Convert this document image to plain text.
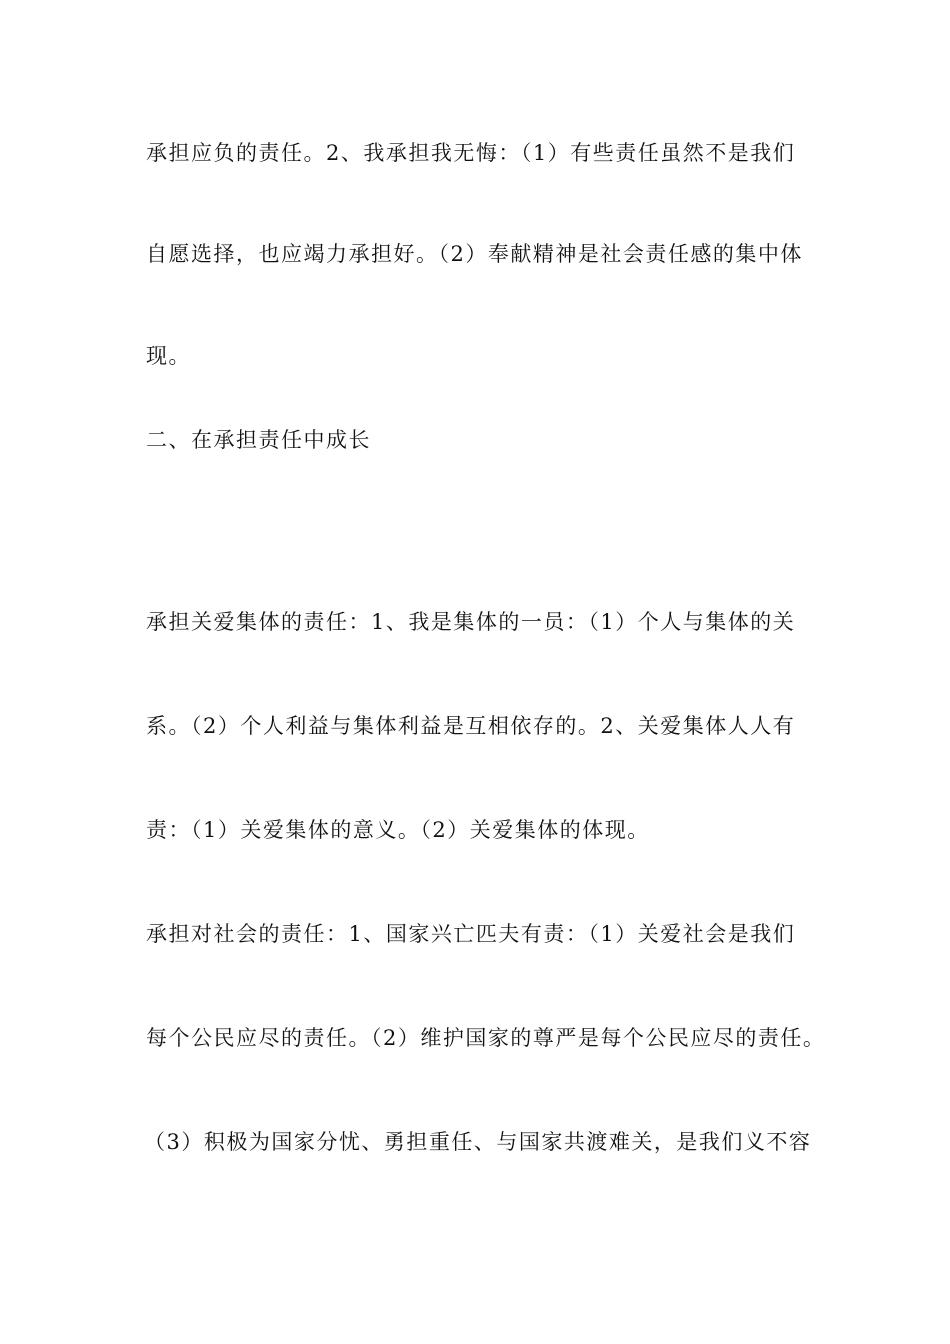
承担应负的责任。2、我承担我无悔：（1）有些责任虽然不是我们
自愿选择，也应竭力承担好。（2）奉献精神是社会责任感的集中体
现。
二、在承担责任中成长
承担关爱集体的责任：1、我是集体的一员：（1）个人与集体的关
系。（2）个人利益与集体利益是互相依存的。2、关爱集体人人有
责：（1）关爱集体的意义。（2）关爱集体的体现。
承担对社会的责任：1、国家兴亡匹夫有责：（1）关爱社会是我们
每个公民应尽的责任。（2）维护国家的尊严是每个公民应尽的责任。
（3）积极为国家分忧、勇担重任、与国家共渡难关，是我们义不容
